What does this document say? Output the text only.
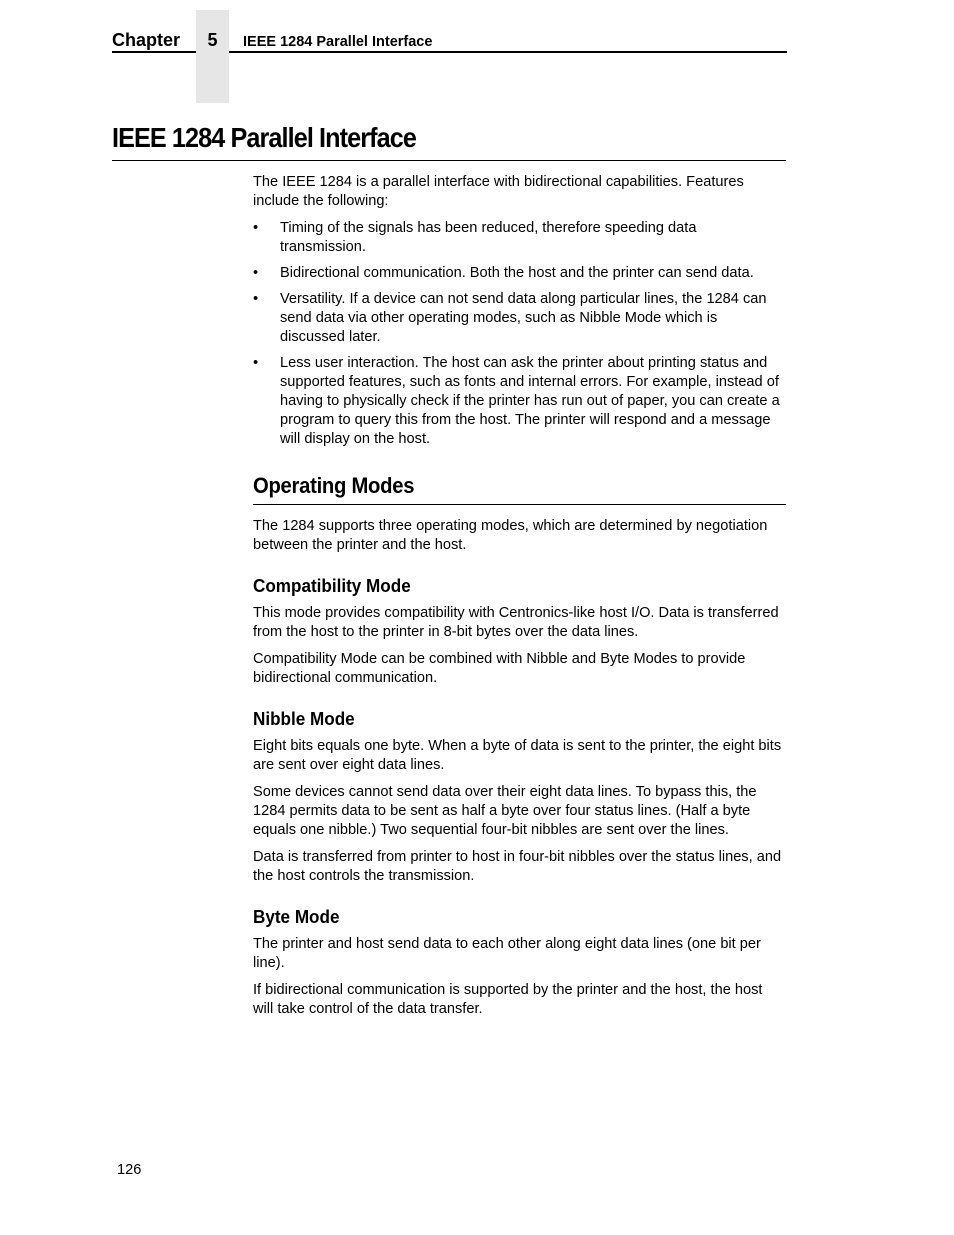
Chapter	5	IEEE 1284 Parallel Interface
IEEE 1284 Parallel Interface

The IEEE 1284 is a parallel interface with bidirectional capabilities. Features include the following:

• Timing of the signals has been reduced, therefore speeding data transmission.
• Bidirectional communication. Both the host and the printer can send data.
• Versatility. If a device can not send data along particular lines, the 1284 can send data via other operating modes, such as Nibble Mode which is discussed later.
• Less user interaction. The host can ask the printer about printing status and supported features, such as fonts and internal errors. For example, instead of having to physically check if the printer has run out of paper, you can create a program to query this from the host. The printer will respond and a message will display on the host.
Operating Modes

The 1284 supports three operating modes, which are determined by negotiation between the printer and the host.

Compatibility Mode

This mode provides compatibility with Centronics-like host I/O. Data is transferred from the host to the printer in 8-bit bytes over the data lines.

Compatibility Mode can be combined with Nibble and Byte Modes to provide bidirectional communication.

Nibble Mode

Eight bits equals one byte. When a byte of data is sent to the printer, the eight bits are sent over eight data lines.

Some devices cannot send data over their eight data lines. To bypass this, the 1284 permits data to be sent as half a byte over four status lines. (Half a byte equals one nibble.) Two sequential four-bit nibbles are sent over the lines.

Data is transferred from printer to host in four-bit nibbles over the status lines, and the host controls the transmission.

Byte Mode

The printer and host send data to each other along eight data lines (one bit per line).

If bidirectional communication is supported by the printer and the host, the host will take control of the data transfer.

126
